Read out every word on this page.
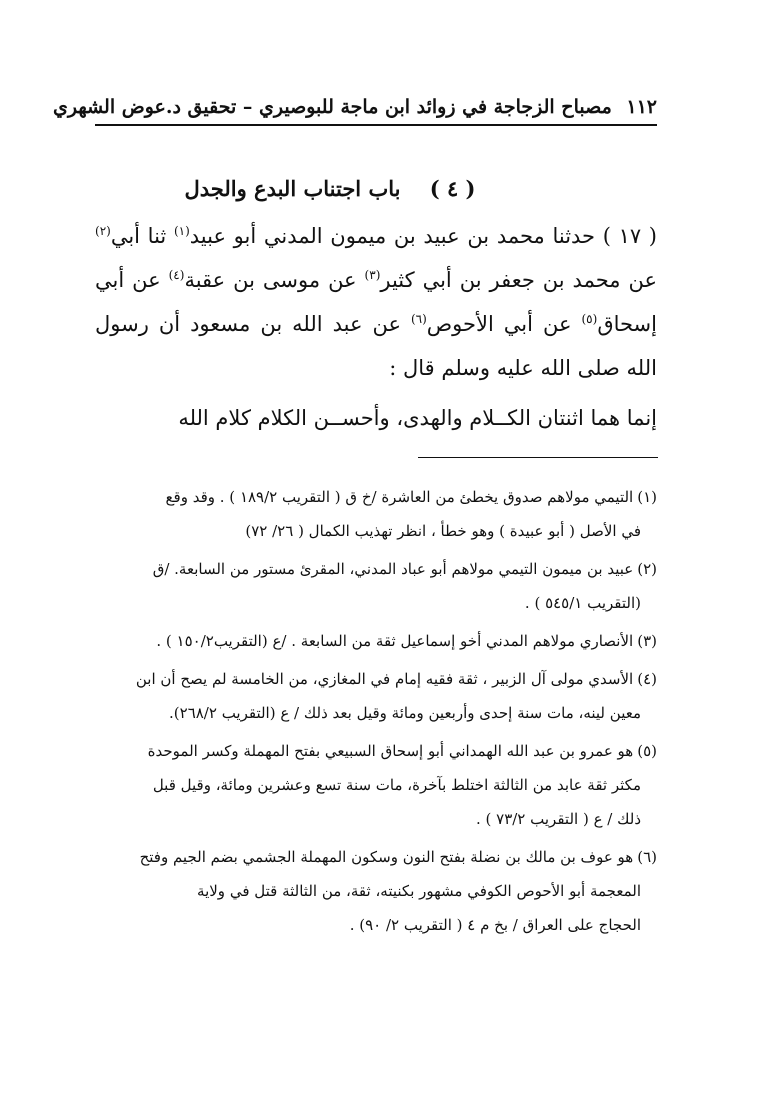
١١٢ مصباح الزجاجة في زوائد ابن ماجة للبوصيري – تحقيق د.عوض الشهري
( ٤ )    باب اجتناب البدع والجدل

( ١٧ ) حدثنا محمد بن عبيد بن ميمون المدني أبو عبيد$^{(١)}$ ثنا أبي$^{(٢)}$ عن محمد بن جعفر بن أبي كثير$^{(٣)}$ عن موسى بن عقبة$^{(٤)}$ عن أبي إسحاق$^{(٥)}$ عن أبي الأحوص$^{(٦)}$ عن عبد الله بن مسعود أن رسول الله صلى الله عليه وسلم قال :

إنما هما اثنتان الكــلام والهدى، وأحســن الكلام كلام الله

(١)التيمي مولاهم صدوق يخطئ من العاشرة /خ ق ( التقريب ١٨٩/٢ ) . وقد وقع
في الأصل ( أبو عبيدة ) وهو خطأ ، انظر تهذيب الكمال ( ٢٦/ ٧٢)
(٢)عبيد بن ميمون التيمي مولاهم أبو عباد المدني، المقرئ مستور من السابعة. /ق
(التقريب ٥٤٥/١ ) .
(٣)الأنصاري مولاهم المدني أخو إسماعيل ثقة من السابعة . /ع (التقريب١٥٠/٢ ) .
(٤)الأسدي مولى آل الزبير ، ثقة فقيه إمام في المغازي، من الخامسة لم يصح أن ابن
معين لينه، مات سنة إحدى وأربعين ومائة وقيل بعد ذلك / ع (التقريب ٢٦٨/٢).
(٥)هو عمرو بن عبد الله الهمداني أبو إسحاق السبيعي بفتح المهملة وكسر الموحدة
مكثر ثقة عابد من الثالثة اختلط بآخرة، مات سنة تسع وعشرين ومائة، وقيل قبل
ذلك / ع ( التقريب ٧٣/٢ ) .
(٦)هو عوف بن مالك بن نضلة بفتح النون وسكون المهملة الجشمي بضم الجيم وفتح
المعجمة أبو الأحوص الكوفي مشهور بكنيته، ثقة، من الثالثة قتل في ولاية
الحجاج على العراق / بخ م ٤ ( التقريب ٢/ ٩٠) .
